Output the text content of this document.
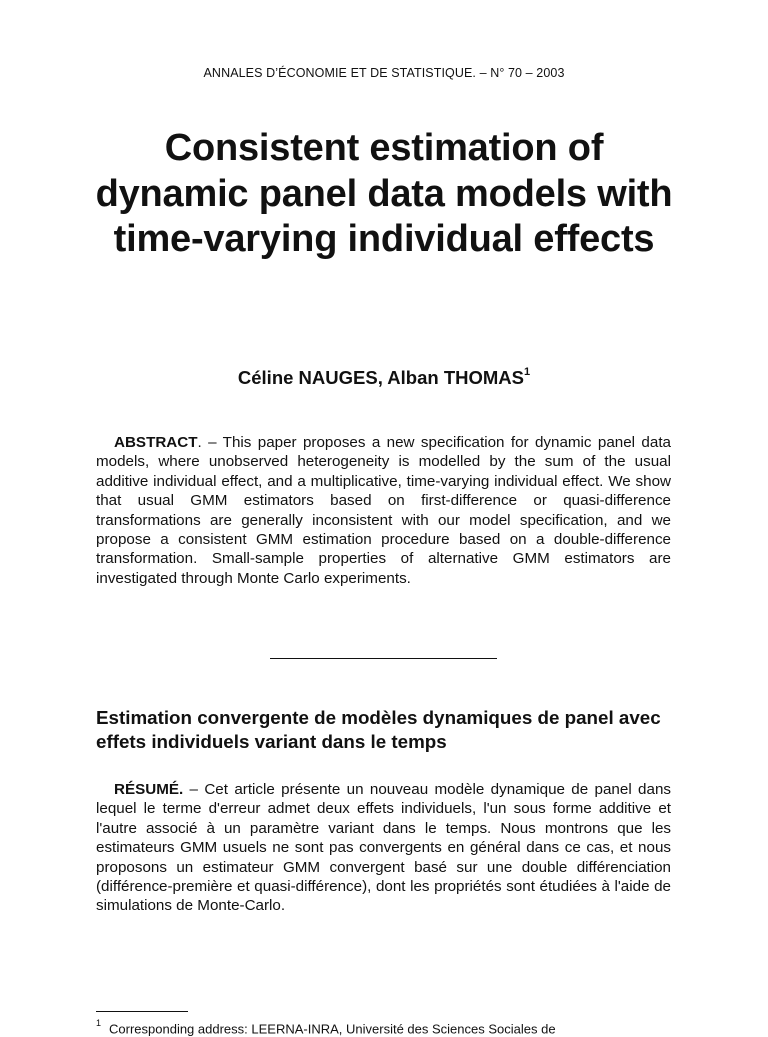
ANNALES D’ÉCONOMIE ET DE STATISTIQUE. – N° 70 – 2003
Consistent estimation of dynamic panel data models with time-varying individual effects
Céline NAUGES, Alban THOMAS$^1$

ABSTRACT. – This paper proposes a new specification for dynamic panel data models, where unobserved heterogeneity is modelled by the sum of the usual additive individual effect, and a multiplicative, time-varying individual effect. We show that usual GMM estimators based on first-difference or quasi-difference transformations are generally inconsistent with our model specification, and we propose a consistent GMM estimation procedure based on a double-difference transformation. Small-sample properties of alternative GMM estimators are investigated through Monte Carlo experiments.

Estimation convergente de modèles dynamiques de panel avec effets individuels variant dans le temps

RÉSUMÉ. – Cet article présente un nouveau modèle dynamique de panel dans lequel le terme d'erreur admet deux effets individuels, l'un sous forme additive et l'autre associé à un paramètre variant dans le temps. Nous montrons que les estimateurs GMM usuels ne sont pas convergents en général dans ce cas, et nous proposons un estimateur GMM convergent basé sur une double différenciation (différence-première et quasi-différence), dont les propriétés sont étudiées à l'aide de simulations de Monte-Carlo.

$^1$ Corresponding address: LEERNA-INRA, Université des Sciences Sociales de
